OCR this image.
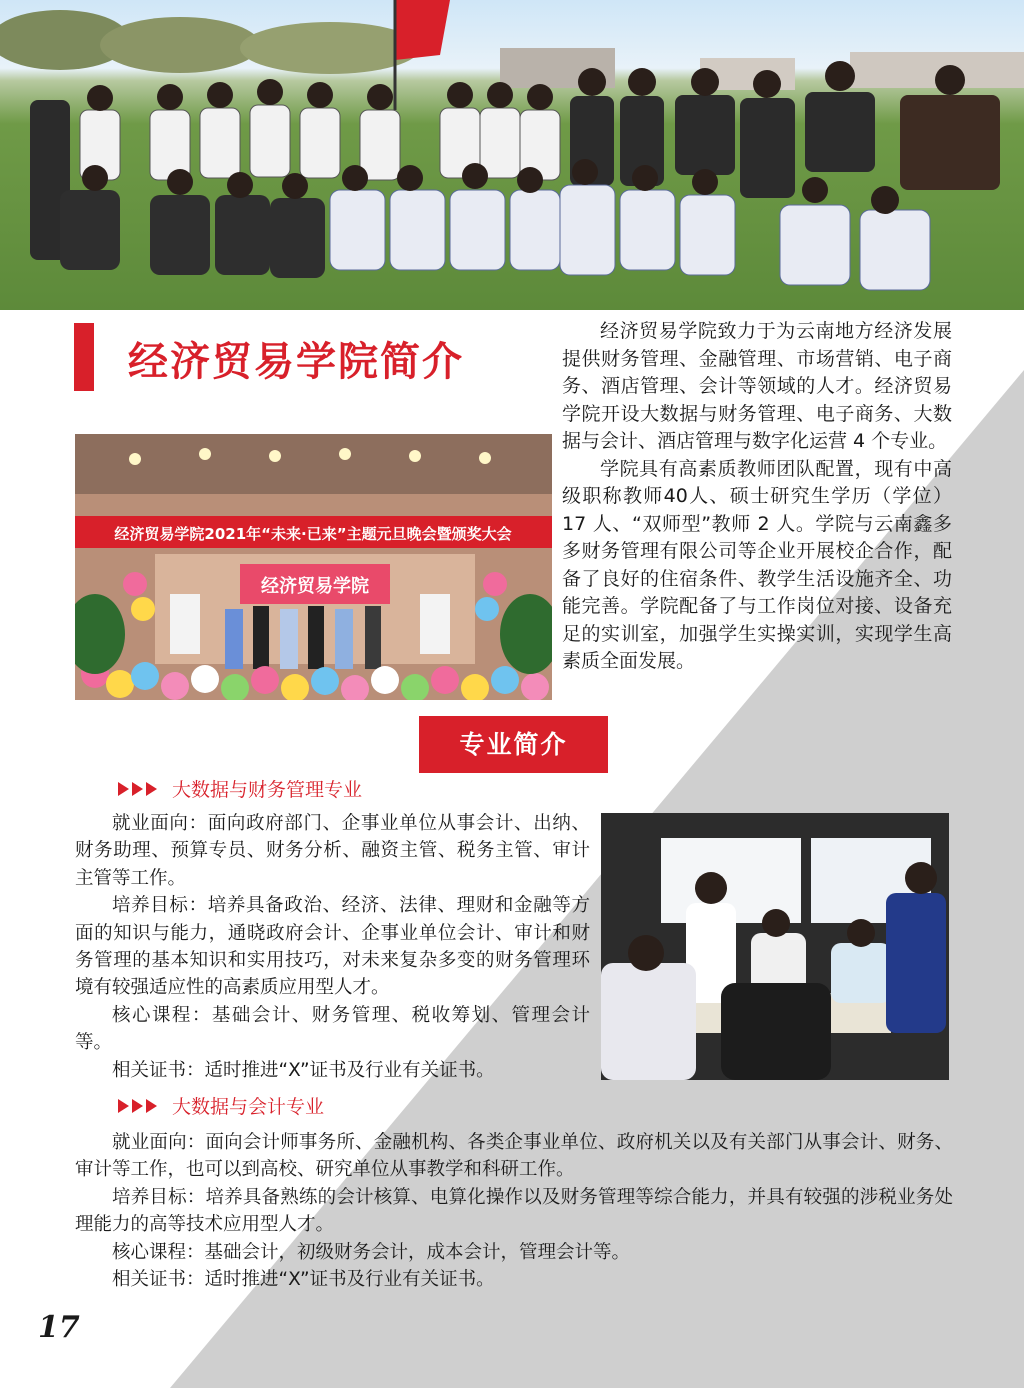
经济贸易学院简介

经济贸易学院致力于为云南地方经济发展提供财务管理、金融管理、市场营销、电子商务、酒店管理、会计等领域的人才。经济贸易学院开设大数据与财务管理、电子商务、大数据与会计、酒店管理与数字化运营 4 个专业。

学院具有高素质教师团队配置，现有中高级职称教师40人、硕士研究生学历（学位）17 人、“双师型”教师 2 人。学院与云南鑫多多财务管理有限公司等企业开展校企合作，配备了良好的住宿条件、教学生活设施齐全、功能完善。学院配备了与工作岗位对接、设备充足的实训室，加强学生实操实训，实现学生高素质全面发展。

经济贸易学院2021年“未来·已来”主题元旦晚会暨颁奖大会
经济贸易学院
专业简介
大数据与财务管理专业

就业面向：面向政府部门、企事业单位从事会计、出纳、财务助理、预算专员、财务分析、融资主管、税务主管、审计主管等工作。

培养目标：培养具备政治、经济、法律、理财和金融等方面的知识与能力，通晓政府会计、企事业单位会计、审计和财务管理的基本知识和实用技巧，对未来复杂多变的财务管理环境有较强适应性的高素质应用型人才。

核心课程：基础会计、财务管理、税收筹划、管理会计等。

相关证书：适时推进“X”证书及行业有关证书。

大数据与会计专业

就业面向：面向会计师事务所、金融机构、各类企事业单位、政府机关以及有关部门从事会计、财务、审计等工作，也可以到高校、研究单位从事教学和科研工作。

培养目标：培养具备熟练的会计核算、电算化操作以及财务管理等综合能力，并具有较强的涉税业务处理能力的高等技术应用型人才。

核心课程：基础会计，初级财务会计，成本会计，管理会计等。

相关证书：适时推进“X”证书及行业有关证书。

17
